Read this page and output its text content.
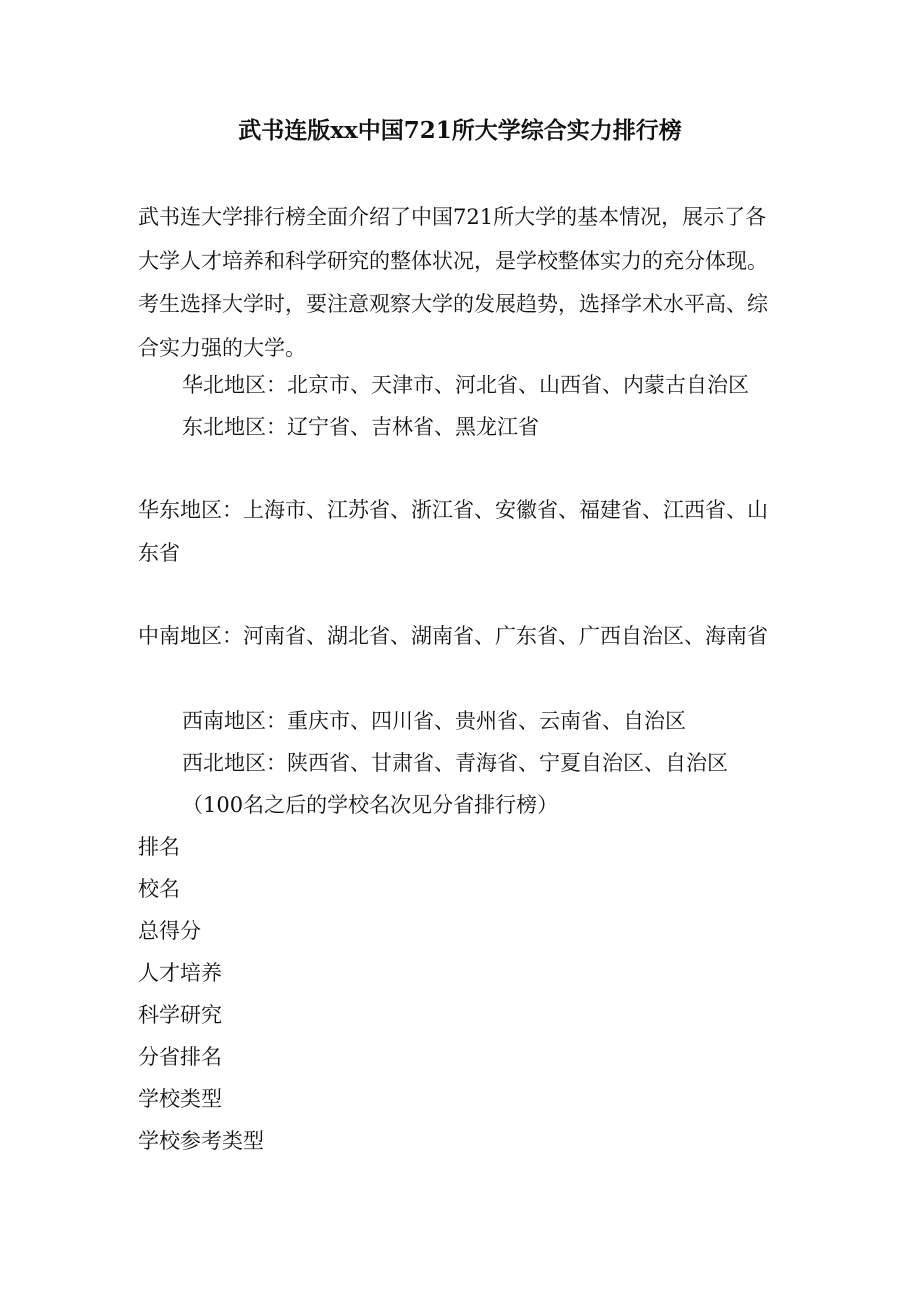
武书连版xx中国721所大学综合实力排行榜

武书连大学排行榜全面介绍了中国721所大学的基本情况，展示了各大学人才培养和科学研究的整体状况，是学校整体实力的充分体现。考生选择大学时，要注意观察大学的发展趋势，选择学术水平高、综合实力强的大学。

华北地区：北京市、天津市、河北省、山西省、内蒙古自治区

东北地区：辽宁省、吉林省、黑龙江省

华东地区：上海市、江苏省、浙江省、安徽省、福建省、江西省、山东省

中南地区：河南省、湖北省、湖南省、广东省、广西自治区、海南省

西南地区：重庆市、四川省、贵州省、云南省、自治区

西北地区：陕西省、甘肃省、青海省、宁夏自治区、自治区

（100名之后的学校名次见分省排行榜）

排名

校名

总得分

人才培养

科学研究

分省排名

学校类型

学校参考类型
